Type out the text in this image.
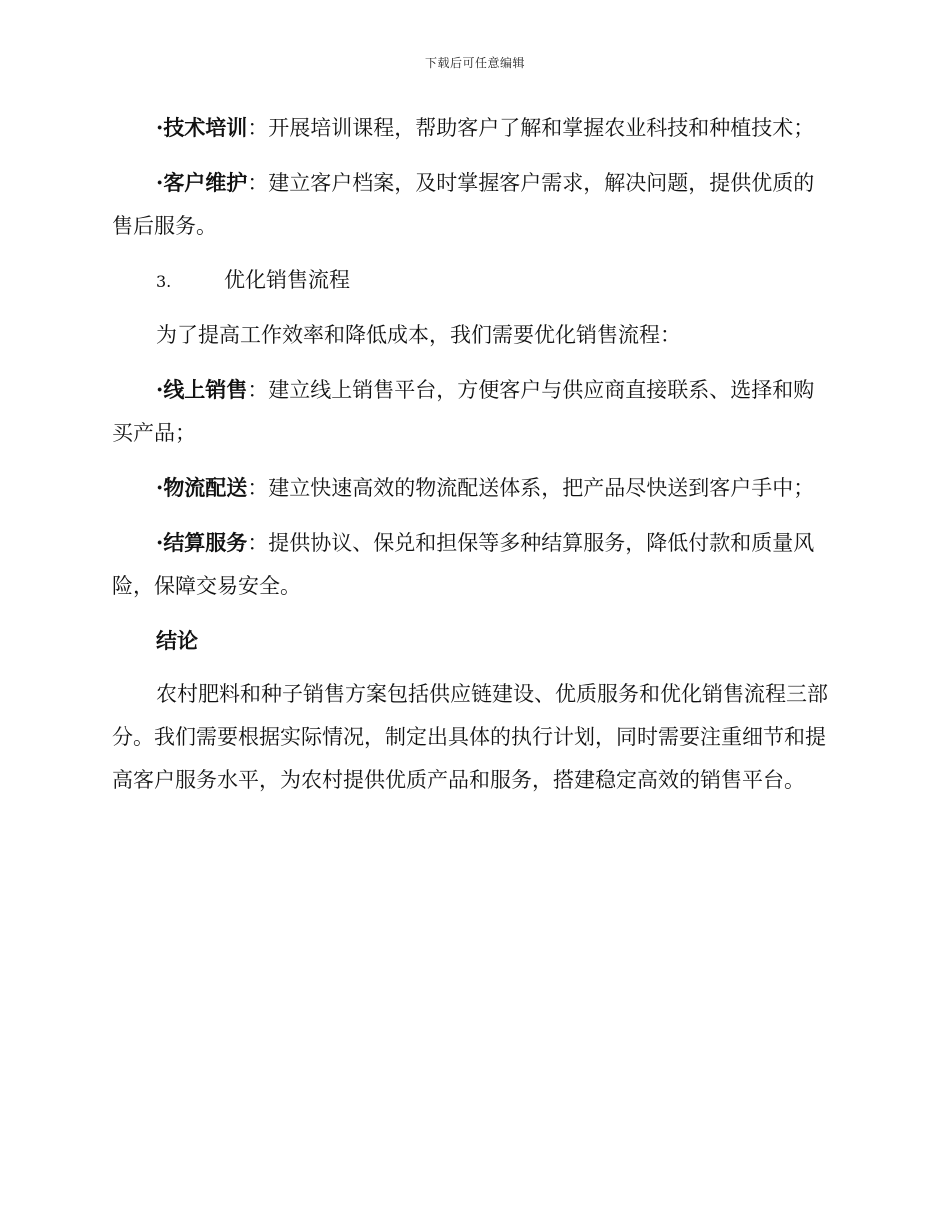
下载后可任意编辑

·技术培训：开展培训课程，帮助客户了解和掌握农业科技和种植技术；

·客户维护：建立客户档案，及时掌握客户需求，解决问题，提供优质的售后服务。

3.	优化销售流程

为了提高工作效率和降低成本，我们需要优化销售流程：

·线上销售：建立线上销售平台，方便客户与供应商直接联系、选择和购买产品；

·物流配送：建立快速高效的物流配送体系，把产品尽快送到客户手中；

·结算服务：提供协议、保兑和担保等多种结算服务，降低付款和质量风险，保障交易安全。

结论

农村肥料和种子销售方案包括供应链建设、优质服务和优化销售流程三部分。我们需要根据实际情况，制定出具体的执行计划，同时需要注重细节和提高客户服务水平，为农村提供优质产品和服务，搭建稳定高效的销售平台。
